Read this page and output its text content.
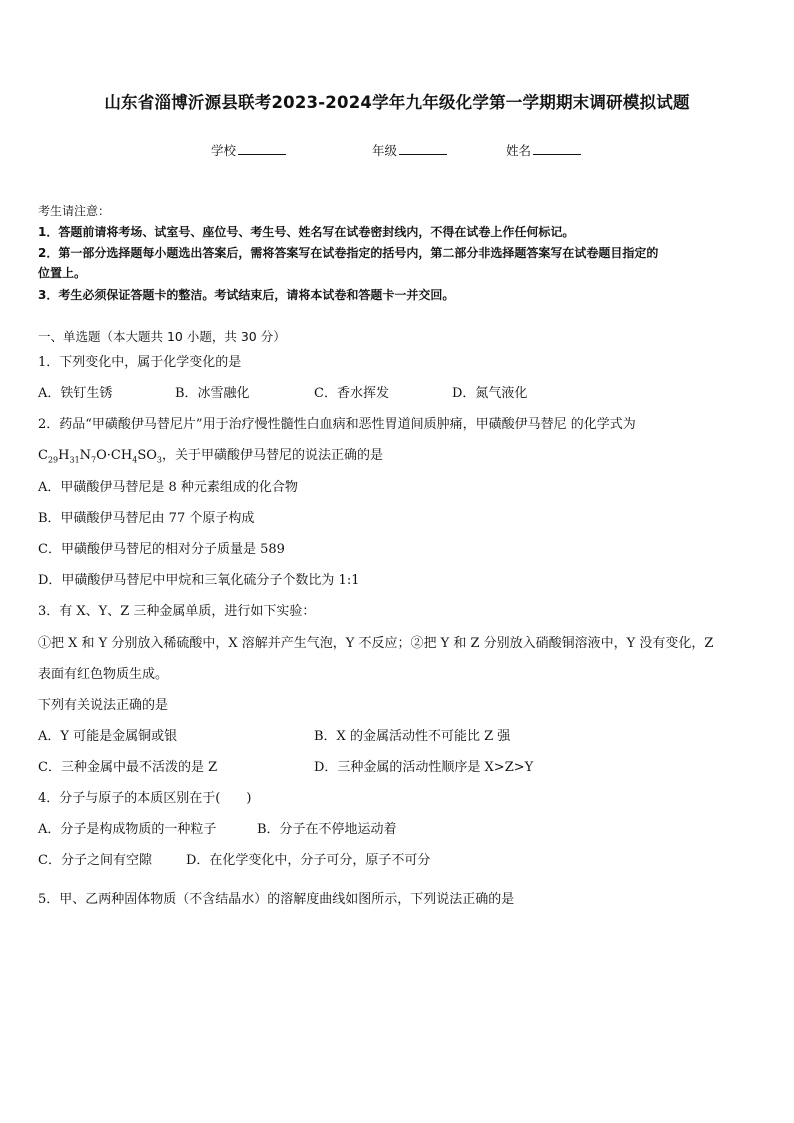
山东省淄博沂源县联考2023-2024学年九年级化学第一学期期末调研模拟试题
学校	年级	姓名
考生请注意：
1．答题前请将考场、试室号、座位号、考生号、姓名写在试卷密封线内，不得在试卷上作任何标记。
2．第一部分选择题每小题选出答案后，需将答案写在试卷指定的括号内，第二部分非选择题答案写在试卷题目指定的
位置上。
3．考生必须保证答题卡的整洁。考试结束后，请将本试卷和答题卡一并交回。
一、单选题（本大题共 10 小题，共 30 分）
1．下列变化中，属于化学变化的是
A．铁钉生锈	B．冰雪融化	C．香水挥发	D．氮气液化
2．药品“甲磺酸伊马替尼片”用于治疗慢性髓性白血病和恶性胃道间质肿痛，甲磺酸伊马替尼 的化学式为
$C_{29}H_{31}N_7O\cdot CH_4SO_3$，关于甲磺酸伊马替尼的说法正确的是
A．甲磺酸伊马替尼是 8 种元素组成的化合物
B．甲磺酸伊马替尼由 77 个原子构成
C．甲磺酸伊马替尼的相对分子质量是 589
D．甲磺酸伊马替尼中甲烷和三氧化硫分子个数比为 1:1
3．有 X、Y、Z 三种金属单质，进行如下实验：
①把 X 和 Y 分别放入稀硫酸中，X 溶解并产生气泡，Y 不反应；②把 Y 和 Z 分别放入硝酸铜溶液中，Y 没有变化，Z
表面有红色物质生成。
下列有关说法正确的是
A．Y 可能是金属铜或银	B．X 的金属活动性不可能比 Z 强
C．三种金属中最不活泼的是 Z	D．三种金属的活动性顺序是 X>Z>Y
4．分子与原子的本质区别在于(　　)
A．分子是构成物质的一种粒子	B．分子在不停地运动着
C．分子之间有空隙	D．在化学变化中，分子可分，原子不可分
5．甲、乙两种固体物质（不含结晶水）的溶解度曲线如图所示，下列说法正确的是
